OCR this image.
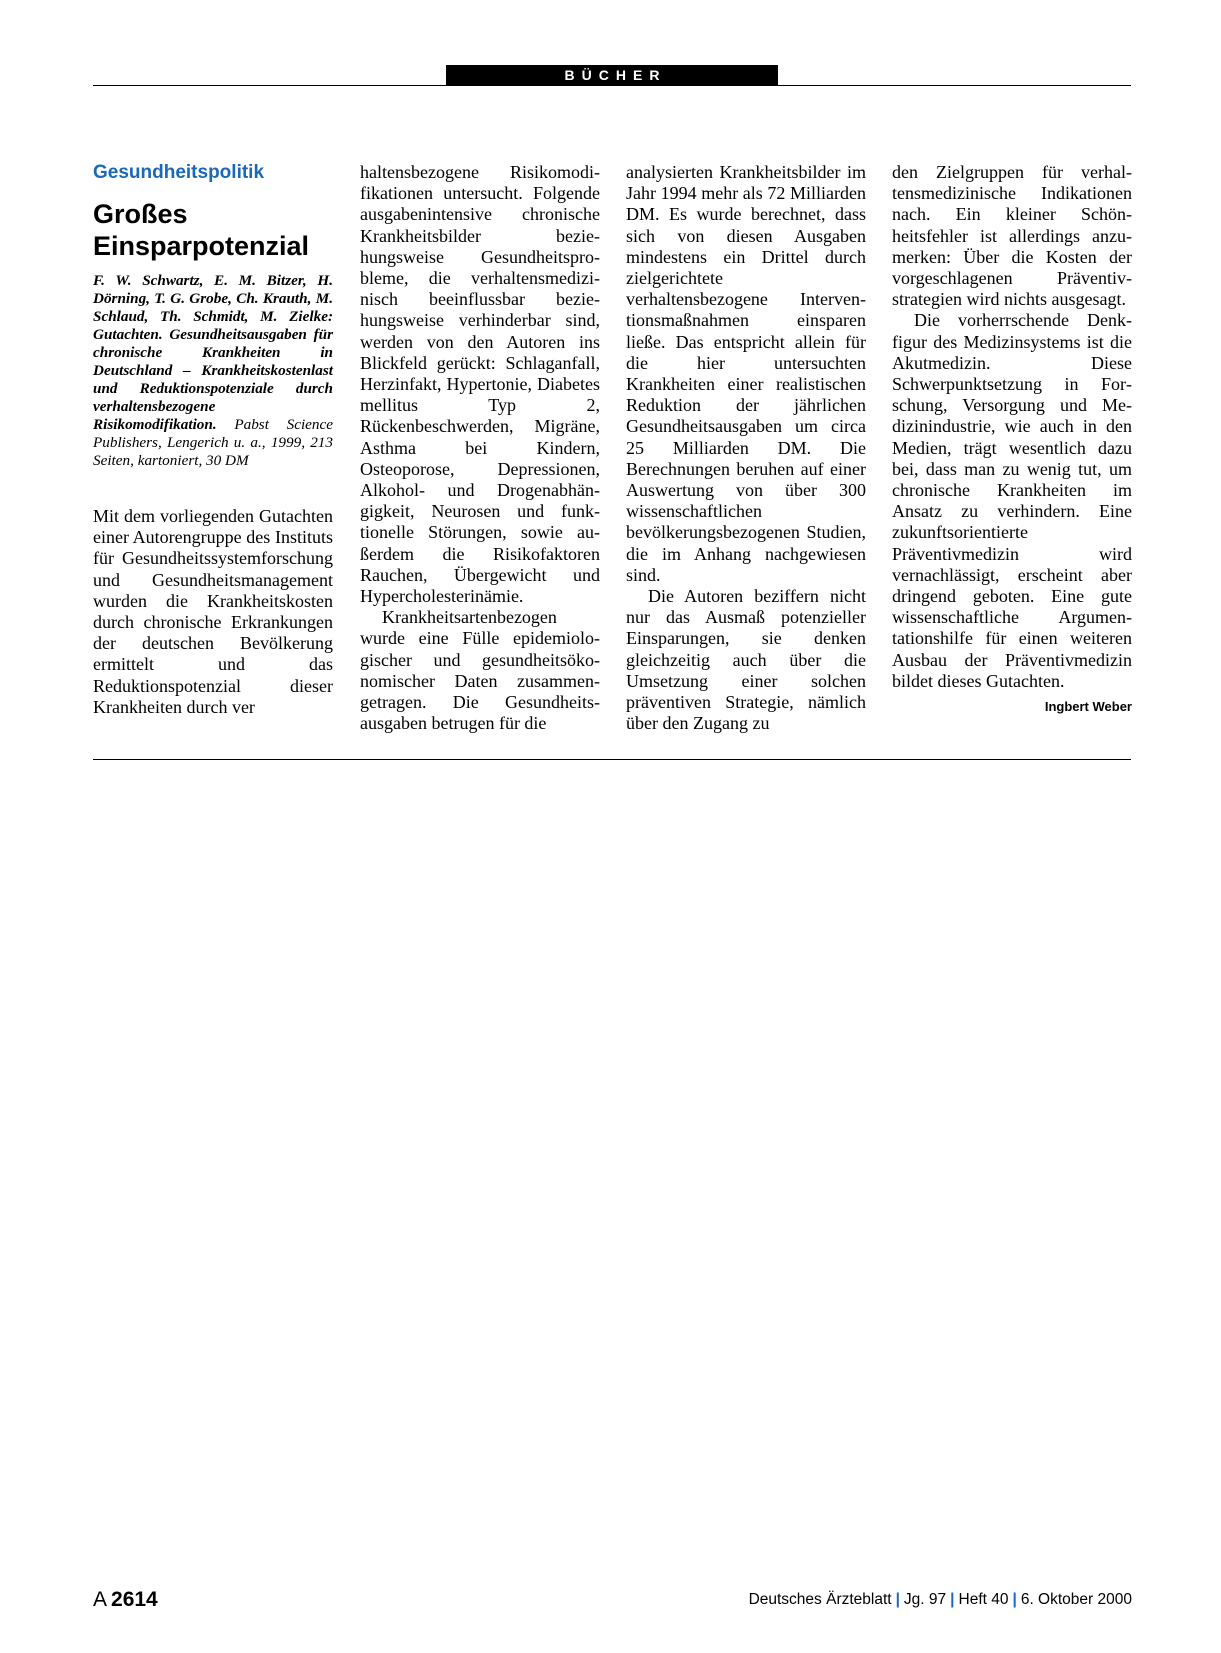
BÜCHER
Gesundheitspolitik
Großes
Einsparpotenzial
F. W. Schwartz, E. M. Bitzer, H. Dörning, T. G. Grobe, Ch. Krauth, M. Schlaud, Th. Schmidt, M. Zielke: Gutachten. Gesundheitsausgaben für chronische Krankheiten in Deutschland – Krankheitskostenlast und Reduktionspotenziale durch verhaltensbezogene Risikomodifikation. Pabst Science Publishers, Lengerich u. a., 1999, 213 Seiten, kartoniert, 30 DM

Mit dem vorliegenden Gutachten einer Autorengruppe des Instituts für Gesundheitssystemforschung und Gesundheitsmanagement wurden die Krankheitskosten durch chronische Erkrankungen der deutschen Bevölkerung ermittelt und das Reduktionspotenzial dieser Krankheiten durch ver

haltensbezogene Risikomodifikationen untersucht. Folgende ausgabenintensive chronische Krankheitsbilder beziehungsweise Gesundheitsprobleme, die verhaltensmedizinisch beeinflussbar beziehungsweise verhinderbar sind, werden von den Autoren ins Blickfeld gerückt: Schlaganfall, Herzinfakt, Hypertonie, Diabetes mellitus Typ 2, Rückenbeschwerden, Migräne, Asthma bei Kindern, Osteoporose, Depressionen, Alkohol- und Drogenabhängigkeit, Neurosen und funktionelle Störungen, sowie außerdem die Risikofaktoren Rauchen, Übergewicht und Hypercholesterinämie.

Krankheitsartenbezogen wurde eine Fülle epidemiologischer und gesundheitsökonomischer Daten zusammengetragen. Die Gesundheitsausgaben betrugen für die

analysierten Krankheitsbilder im Jahr 1994 mehr als 72 Milliarden DM. Es wurde berechnet, dass sich von diesen Ausgaben mindestens ein Drittel durch zielgerichtete verhaltensbezogene Interventionsmaßnahmen einsparen ließe. Das entspricht allein für die hier untersuchten Krankheiten einer realistischen Reduktion der jährlichen Gesundheitsausgaben um circa 25 Milliarden DM. Die Berechnungen beruhen auf einer Auswertung von über 300 wissenschaftlichen bevölkerungsbezogenen Studien, die im Anhang nachgewiesen sind.

Die Autoren beziffern nicht nur das Ausmaß potenzieller Einsparungen, sie denken gleichzeitig auch über die Umsetzung einer solchen präventiven Strategie, nämlich über den Zugang zu

den Zielgruppen für verhaltensmedizinische Indikationen nach. Ein kleiner Schönheitsfehler ist allerdings anzumerken: Über die Kosten der vorgeschlagenen Präventivstrategien wird nichts ausgesagt.

Die vorherrschende Denkfigur des Medizinsystems ist die Akutmedizin. Diese Schwerpunktsetzung in Forschung, Versorgung und Medizinindustrie, wie auch in den Medien, trägt wesentlich dazu bei, dass man zu wenig tut, um chronische Krankheiten im Ansatz zu verhindern. Eine zukunftsorientierte Präventivmedizin wird vernachlässigt, erscheint aber dringend geboten. Eine gute wissenschaftliche Argumentationshilfe für einen weiteren Ausbau der Präventivmedizin bildet dieses Gutachten.
Ingbert Weber

A 2614	Deutsches Ärzteblatt | Jg. 97 | Heft 40 | 6. Oktober 2000
